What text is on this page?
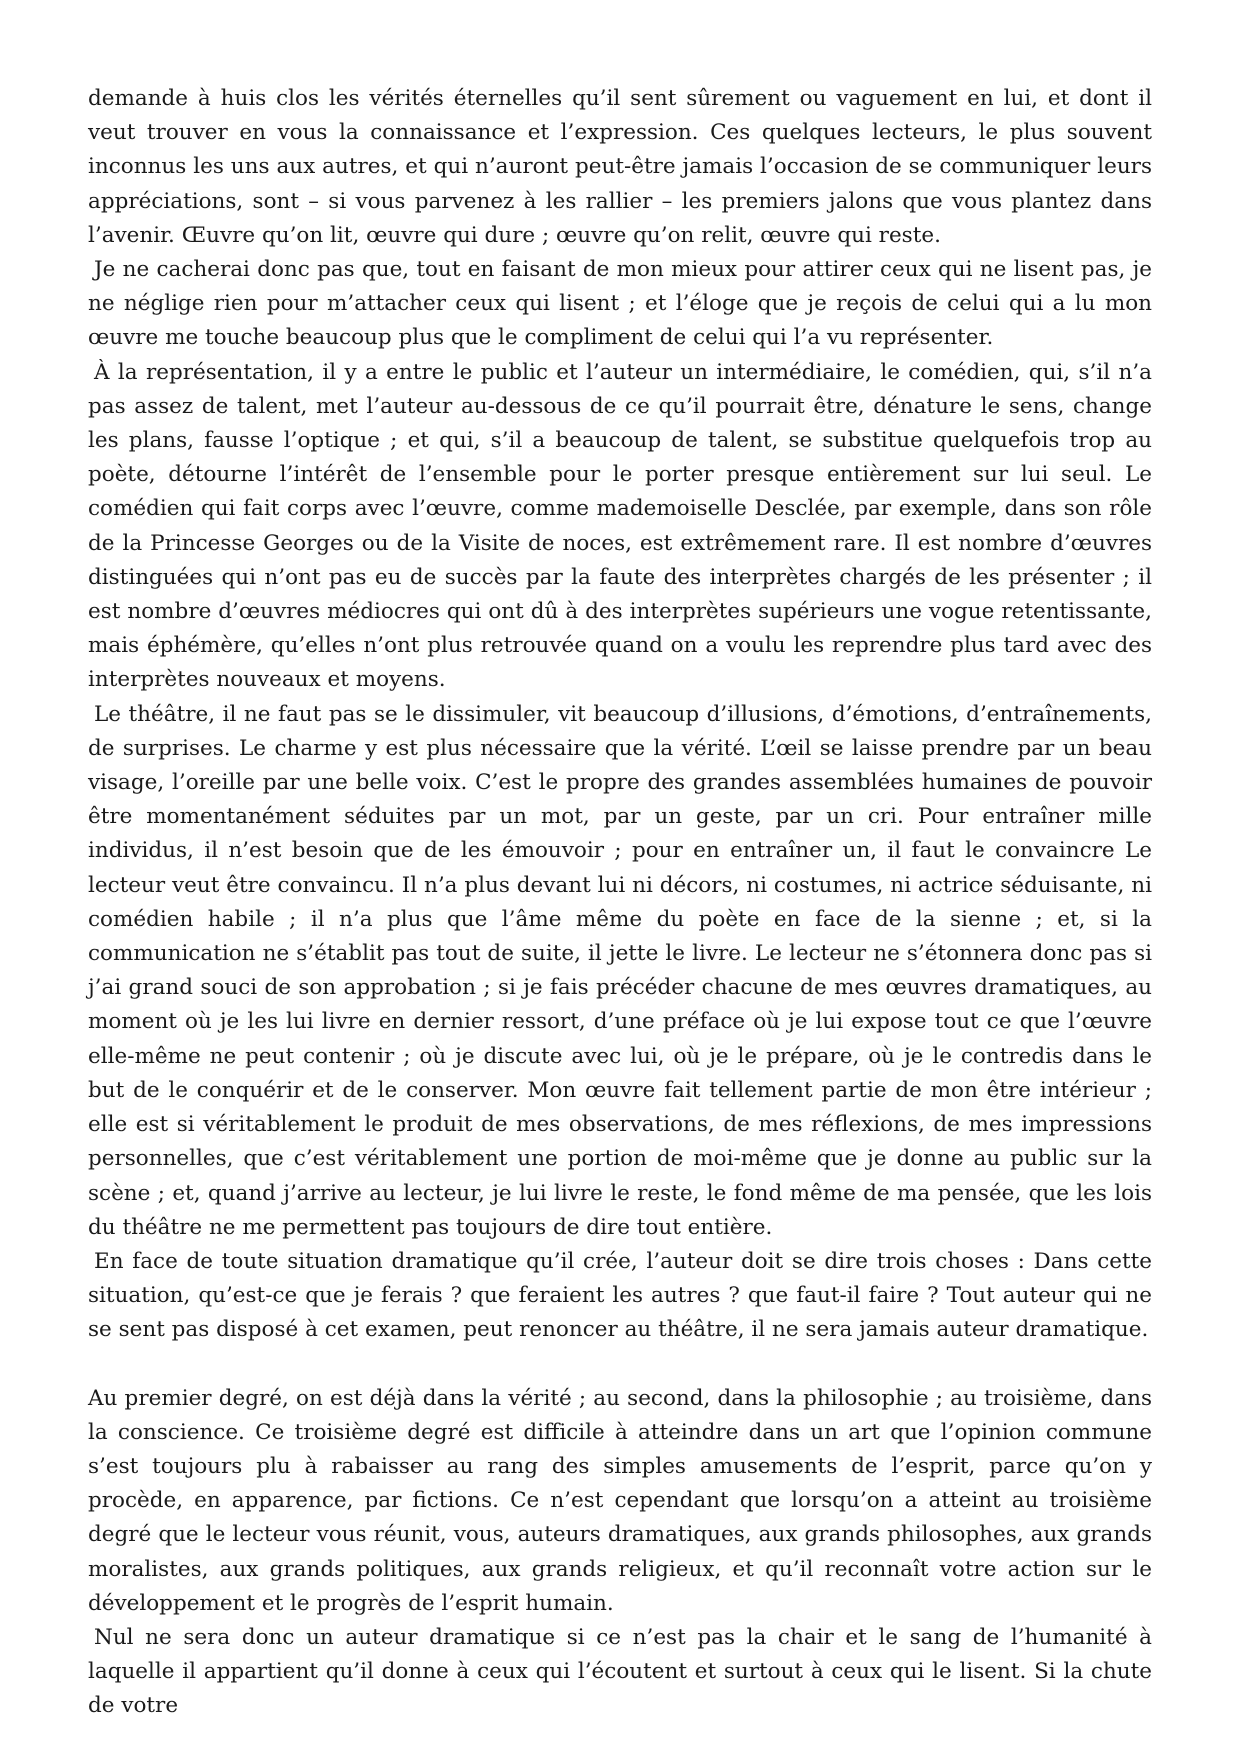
demande à huis clos les vérités éternelles qu’il sent sûrement ou vaguement en lui, et dont il veut trouver en vous la connaissance et l’expression. Ces quelques lecteurs, le plus souvent inconnus les uns aux autres, et qui n’auront peut-être jamais l’occasion de se communiquer leurs appréciations, sont – si vous parvenez à les rallier – les premiers jalons que vous plantez dans l’avenir. Œuvre qu’on lit, œuvre qui dure ; œuvre qu’on relit, œuvre qui reste.

Je ne cacherai donc pas que, tout en faisant de mon mieux pour attirer ceux qui ne lisent pas, je ne néglige rien pour m’attacher ceux qui lisent ; et l’éloge que je reçois de celui qui a lu mon œuvre me touche beaucoup plus que le compliment de celui qui l’a vu représenter.

À la représentation, il y a entre le public et l’auteur un intermédiaire, le comédien, qui, s’il n’a pas assez de talent, met l’auteur au-dessous de ce qu’il pourrait être, dénature le sens, change les plans, fausse l’optique ; et qui, s’il a beaucoup de talent, se substitue quelquefois trop au poète, détourne l’intérêt de l’ensemble pour le porter presque entièrement sur lui seul. Le comédien qui fait corps avec l’œuvre, comme mademoiselle Desclée, par exemple, dans son rôle de la Princesse Georges ou de la Visite de noces, est extrêmement rare. Il est nombre d’œuvres distinguées qui n’ont pas eu de succès par la faute des interprètes chargés de les présenter ; il est nombre d’œuvres médiocres qui ont dû à des interprètes supérieurs une vogue retentissante, mais éphémère, qu’elles n’ont plus retrouvée quand on a voulu les reprendre plus tard avec des interprètes nouveaux et moyens.

Le théâtre, il ne faut pas se le dissimuler, vit beaucoup d’illusions, d’émotions, d’entraînements, de surprises. Le charme y est plus nécessaire que la vérité. L’œil se laisse prendre par un beau visage, l’oreille par une belle voix. C’est le propre des grandes assemblées humaines de pouvoir être momentanément séduites par un mot, par un geste, par un cri. Pour entraîner mille individus, il n’est besoin que de les émouvoir ; pour en entraîner un, il faut le convaincre Le lecteur veut être convaincu. Il n’a plus devant lui ni décors, ni costumes, ni actrice séduisante, ni comédien habile ; il n’a plus que l’âme même du poète en face de la sienne ; et, si la communication ne s’établit pas tout de suite, il jette le livre. Le lecteur ne s’étonnera donc pas si j’ai grand souci de son approbation ; si je fais précéder chacune de mes œuvres dramatiques, au moment où je les lui livre en dernier ressort, d’une préface où je lui expose tout ce que l’œuvre elle-même ne peut contenir ; où je discute avec lui, où je le prépare, où je le contredis dans le but de le conquérir et de le conserver. Mon œuvre fait tellement partie de mon être intérieur ; elle est si véritablement le produit de mes observations, de mes réflexions, de mes impressions personnelles, que c’est véritablement une portion de moi-même que je donne au public sur la scène ; et, quand j’arrive au lecteur, je lui livre le reste, le fond même de ma pensée, que les lois du théâtre ne me permettent pas toujours de dire tout entière.

En face de toute situation dramatique qu’il crée, l’auteur doit se dire trois choses : Dans cette situation, qu’est-ce que je ferais ? que feraient les autres ? que faut-il faire ? Tout auteur qui ne se sent pas disposé à cet examen, peut renoncer au théâtre, il ne sera jamais auteur dramatique.

Au premier degré, on est déjà dans la vérité ; au second, dans la philosophie ; au troisième, dans la conscience. Ce troisième degré est difficile à atteindre dans un art que l’opinion commune s’est toujours plu à rabaisser au rang des simples amusements de l’esprit, parce qu’on y procède, en apparence, par fictions. Ce n’est cependant que lorsqu’on a atteint au troisième degré que le lecteur vous réunit, vous, auteurs dramatiques, aux grands philosophes, aux grands moralistes, aux grands politiques, aux grands religieux, et qu’il reconnaît votre action sur le développement et le progrès de l’esprit humain.

Nul ne sera donc un auteur dramatique si ce n’est pas la chair et le sang de l’humanité à laquelle il appartient qu’il donne à ceux qui l’écoutent et surtout à ceux qui le lisent. Si la chute de votre
